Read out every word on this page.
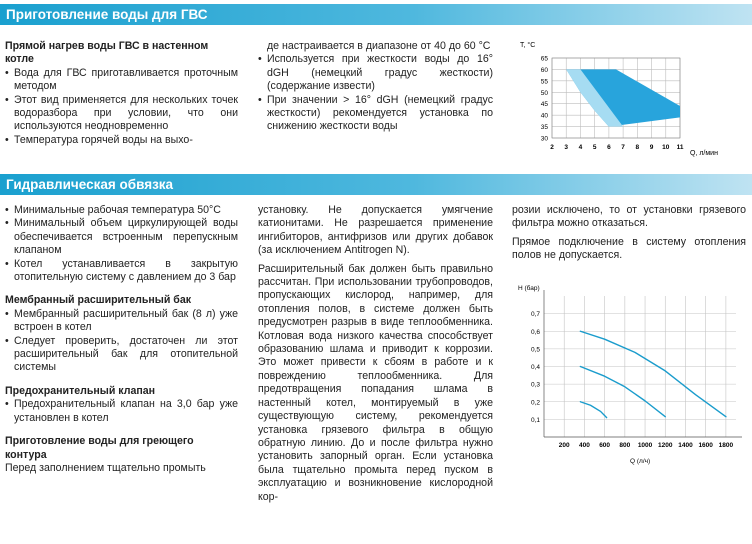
Приготовление воды для ГВС
Прямой нагрев воды ГВС в настенном котле
• Вода для ГВС приготавливается проточным методом
• Этот вид применяется для нескольких точек водоразбора при условии, что они используются неодновременно
• Температура горячей воды на выхо-

де настраивается в диапазоне от 40 до 60 °С

• Используется при жесткости воды до 16° dGH (немецкий градус жесткости) (содержание извести)
• При значении > 16° dGH (немецкий градус жесткости) рекомендуется установка по снижению жесткости воды
30
35
40
45
50
55
60
65
2 3 4 5 6 7 8 9 10 11
T, °C
Q, л/мин
Гидравлическая обвязка
• Минимальные рабочая температура 50°С
• Минимальный объем циркулирующей воды обеспечивается встроенным перепускным клапаном
• Котел устанавливается в закрытую отопительную систему с давлением до 3 бар
Мембранный расширительный бак
• Мембранный расширительный бак (8 л) уже встроен в котел
• Следует проверить, достаточен ли этот расширительный бак для отопительной системы
Предохранительный клапан
• Предохранительный клапан на 3,0 бар уже установлен в котел
Приготовление воды для греющего контура

Перед заполнением тщательно промыть

установку. Не допускается умягчение катионитами. Не разрешается применение ингибиторов, антифризов или других добавок (за исключением Antitrogen N).

Расширительный бак должен быть правильно рассчитан. При использовании трубопроводов, пропускающих кислород, например, для отопления полов, в системе должен быть предусмотрен разрыв в виде теплообменника. Котловая вода низкого качества способствует образованию шлама и приводит к коррозии. Это может привести к сбоям в работе и к повреждению теплообменника. Для предотвращения попадания шлама в настенный котел, монтируемый в уже существующую систему, рекомендуется установка грязевого фильтра в общую обратную линию. До и после фильтра нужно установить запорный орган. Если установка была тщательно промыта перед пуском в эксплуатацию и возникновение кислородной кор-

розии исключено, то от установки грязевого фильтра можно отказаться.

Прямое подключение в систему отопления полов не допускается.

0,1
0,2
0,3
0,4
0,5
0,6
0,7
200 400 600 800 1000 1200 1400 1600 1800
Н (бар)
Q (л/ч)
